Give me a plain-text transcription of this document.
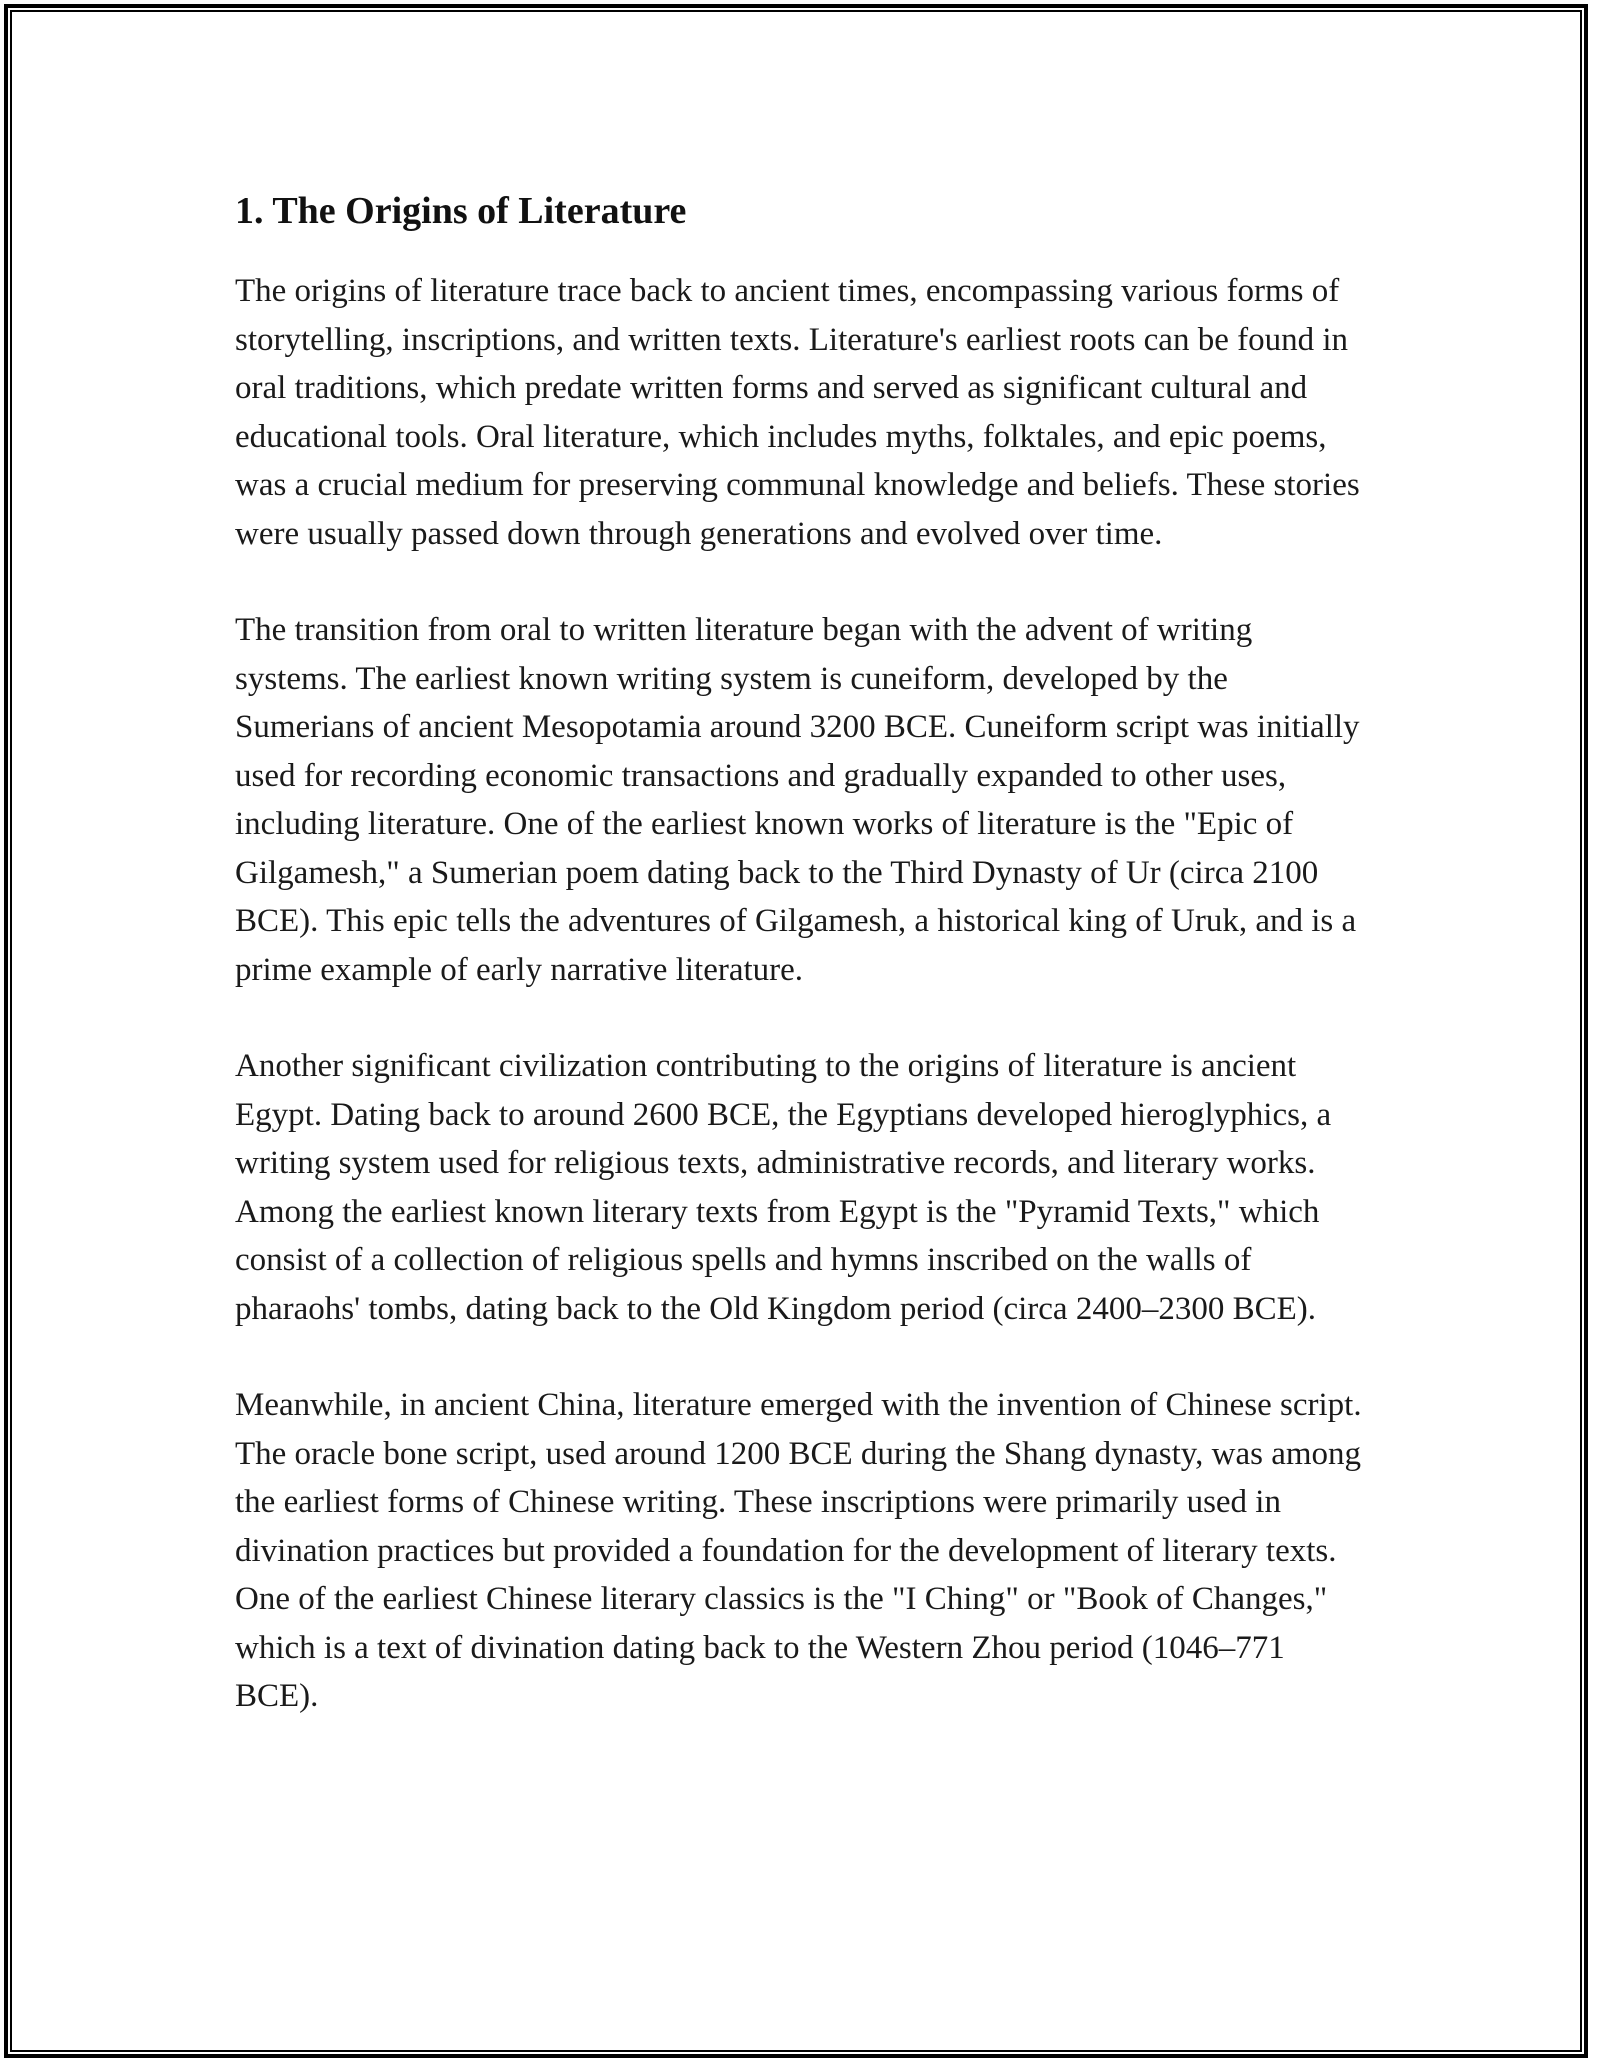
1. The Origins of Literature

The origins of literature trace back to ancient times, encompassing various forms of storytelling, inscriptions, and written texts. Literature's earliest roots can be found in oral traditions, which predate written forms and served as significant cultural and educational tools. Oral literature, which includes myths, folktales, and epic poems, was a crucial medium for preserving communal knowledge and beliefs. These stories were usually passed down through generations and evolved over time.

The transition from oral to written literature began with the advent of writing systems. The earliest known writing system is cuneiform, developed by the Sumerians of ancient Mesopotamia around 3200 BCE. Cuneiform script was initially used for recording economic transactions and gradually expanded to other uses, including literature. One of the earliest known works of literature is the "Epic of Gilgamesh," a Sumerian poem dating back to the Third Dynasty of Ur (circa 2100 BCE). This epic tells the adventures of Gilgamesh, a historical king of Uruk, and is a prime example of early narrative literature.

Another significant civilization contributing to the origins of literature is ancient Egypt. Dating back to around 2600 BCE, the Egyptians developed hieroglyphics, a writing system used for religious texts, administrative records, and literary works. Among the earliest known literary texts from Egypt is the "Pyramid Texts," which consist of a collection of religious spells and hymns inscribed on the walls of pharaohs' tombs, dating back to the Old Kingdom period (circa 2400–2300 BCE).

Meanwhile, in ancient China, literature emerged with the invention of Chinese script. The oracle bone script, used around 1200 BCE during the Shang dynasty, was among the earliest forms of Chinese writing. These inscriptions were primarily used in divination practices but provided a foundation for the development of literary texts. One of the earliest Chinese literary classics is the "I Ching" or "Book of Changes," which is a text of divination dating back to the Western Zhou period (1046–771 BCE).
